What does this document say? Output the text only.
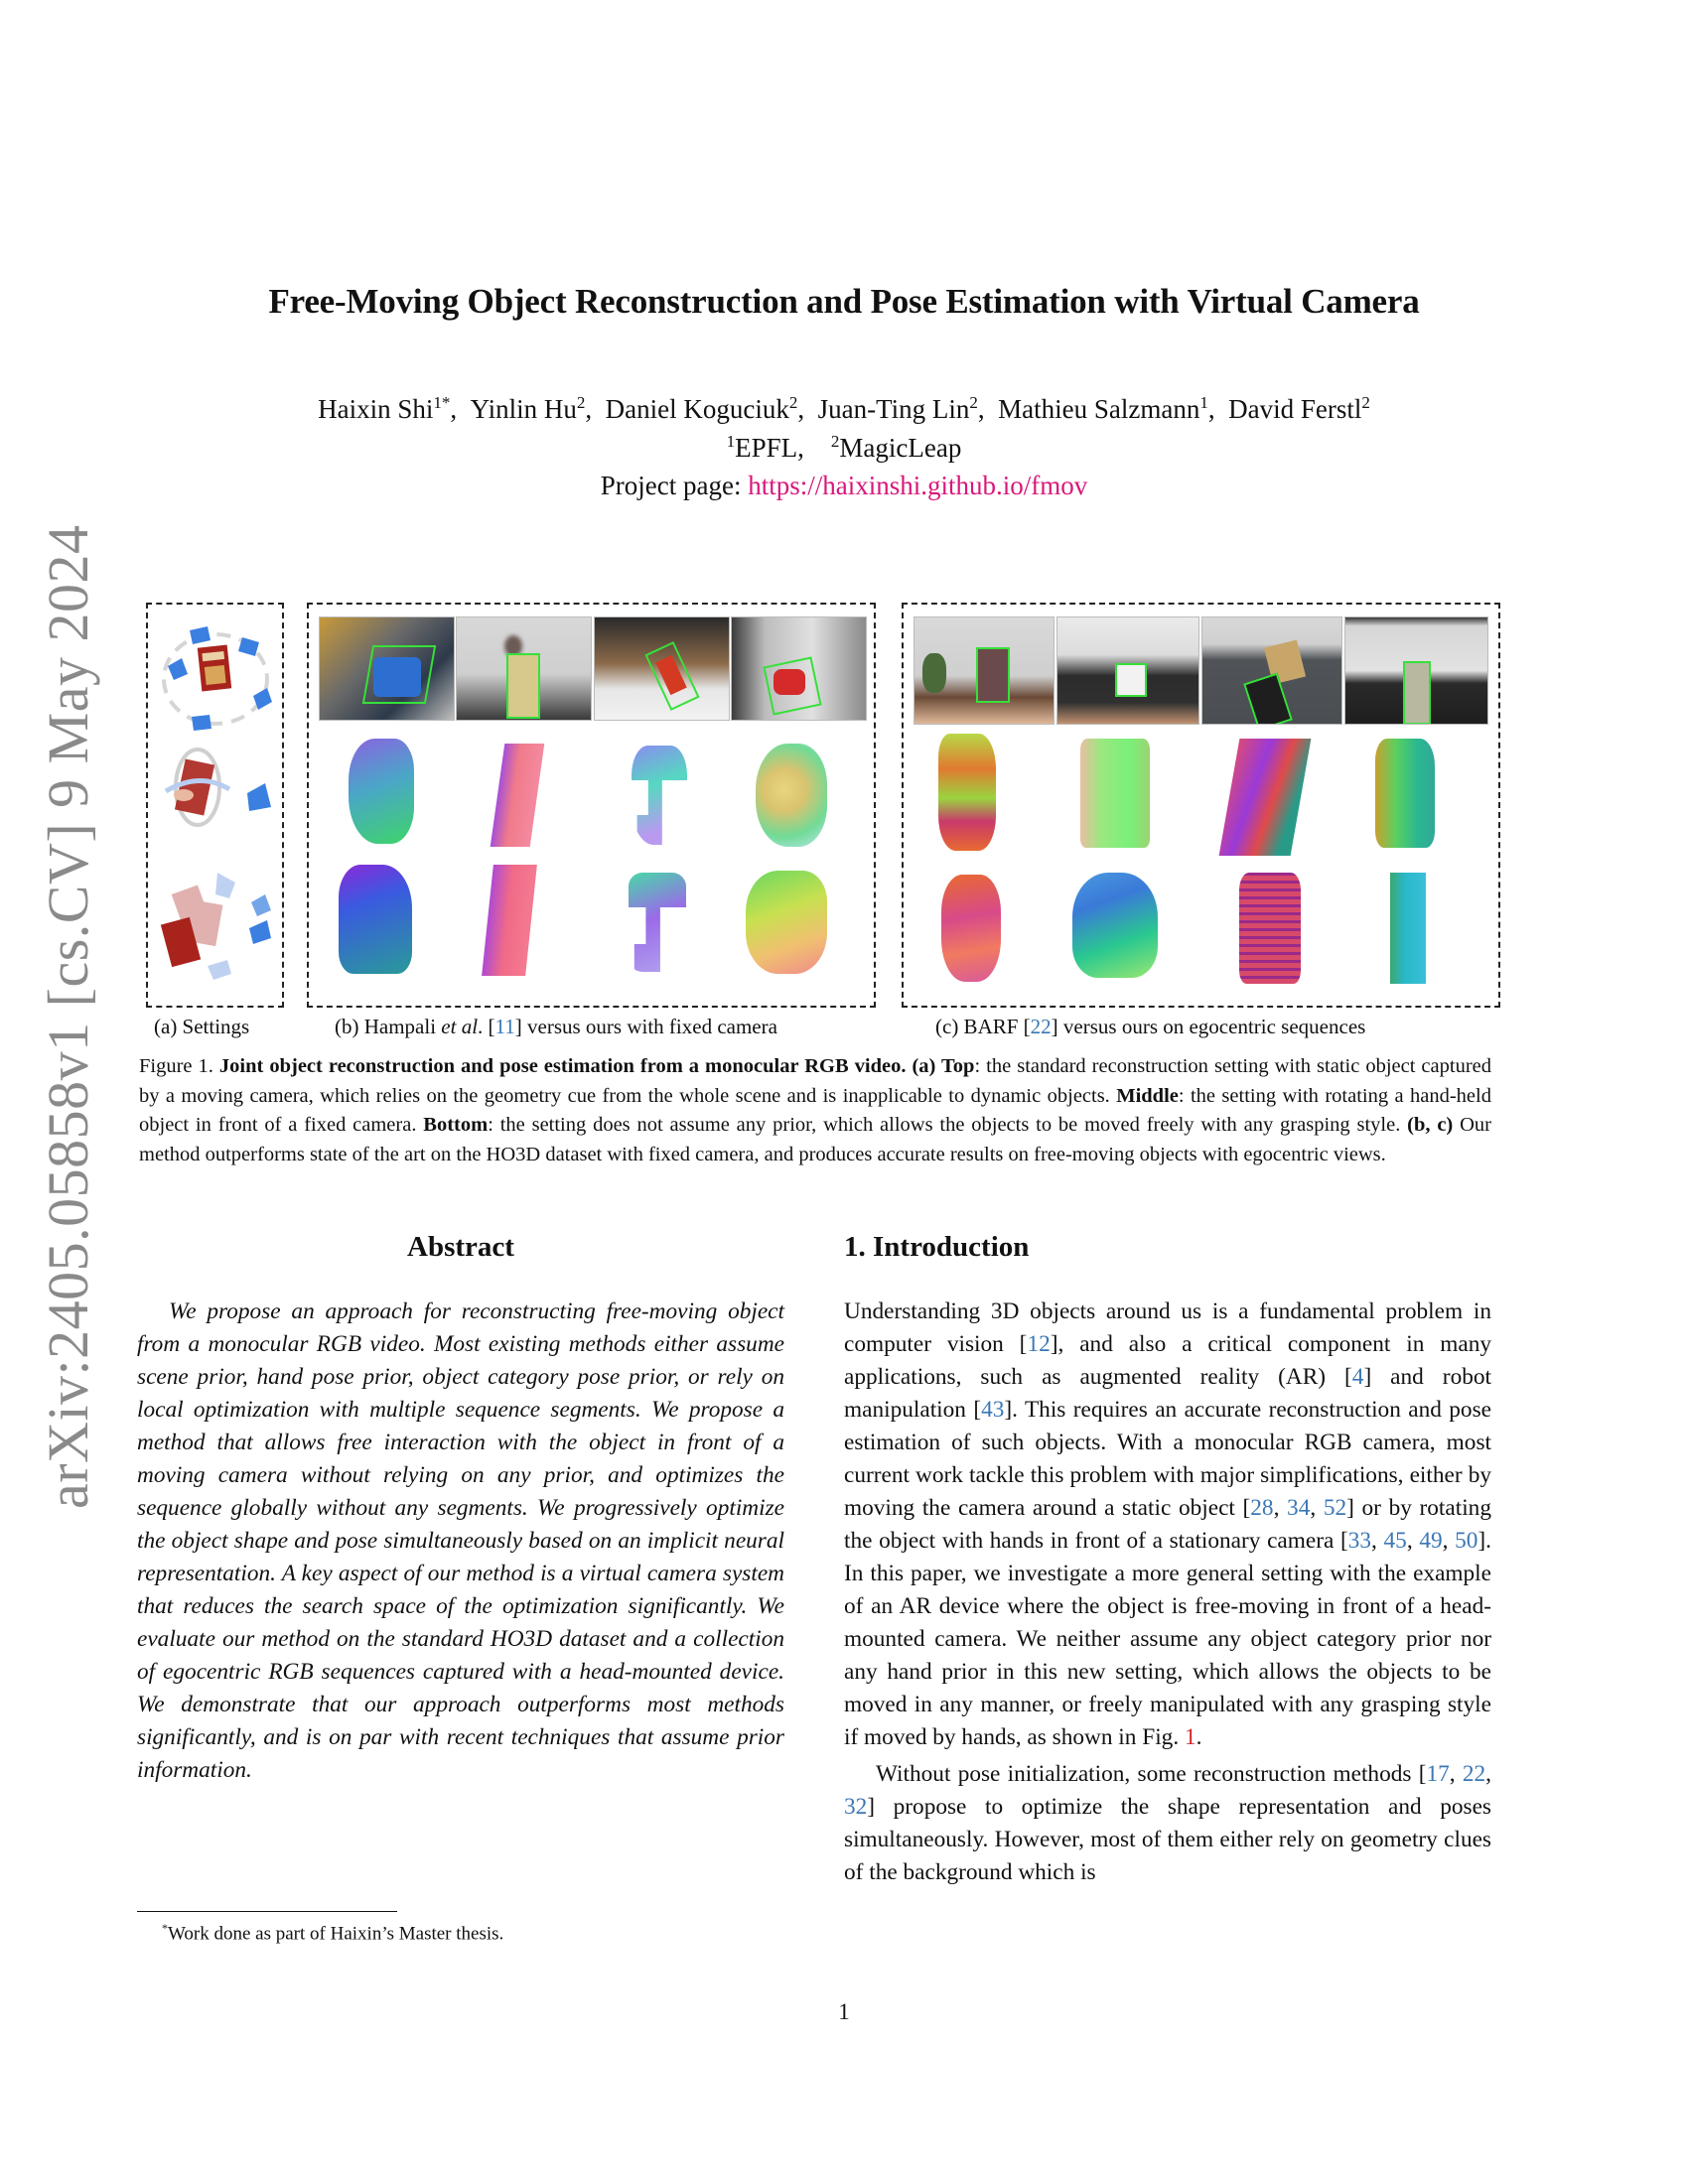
arXiv:2405.05858v1 [cs.CV] 9 May 2024
Free-Moving Object Reconstruction and Pose Estimation with Virtual Camera
Haixin Shi$^{1*}$,  Yinlin Hu$^2$,  Daniel Koguciuk$^2$,  Juan-Ting Lin$^2$,  Mathieu Salzmann$^1$,  David Ferstl$^2$
$^1$EPFL, $^2$MagicLeap
Project page: https://haixinshi.github.io/fmov
(a) Settings	(b) Hampali et al. [11] versus ours with fixed camera	(c) BARF [22] versus ours on egocentric sequences
Figure 1. Joint object reconstruction and pose estimation from a monocular RGB video. (a) Top: the standard reconstruction setting with static object captured by a moving camera, which relies on the geometry cue from the whole scene and is inapplicable to dynamic objects. Middle: the setting with rotating a hand-held object in front of a fixed camera. Bottom: the setting does not assume any prior, which allows the objects to be moved freely with any grasping style. (b, c) Our method outperforms state of the art on the HO3D dataset with fixed camera, and produces accurate results on free-moving objects with egocentric views.
Abstract

We propose an approach for reconstructing free-moving object from a monocular RGB video. Most existing methods either assume scene prior, hand pose prior, object category pose prior, or rely on local optimization with multiple sequence segments. We propose a method that allows free interaction with the object in front of a moving camera without relying on any prior, and optimizes the sequence globally without any segments. We progressively optimize the object shape and pose simultaneously based on an implicit neural representation. A key aspect of our method is a virtual camera system that reduces the search space of the optimization significantly. We evaluate our method on the standard HO3D dataset and a collection of egocentric RGB sequences captured with a head-mounted device. We demonstrate that our approach outperforms most methods significantly, and is on par with recent techniques that assume prior information.

1. Introduction

Understanding 3D objects around us is a fundamental problem in computer vision [12], and also a critical component in many applications, such as augmented reality (AR) [4] and robot manipulation [43]. This requires an accurate reconstruction and pose estimation of such objects. With a monocular RGB camera, most current work tackle this problem with major simplifications, either by moving the camera around a static object [28, 34, 52] or by rotating the object with hands in front of a stationary camera [33, 45, 49, 50]. In this paper, we investigate a more general setting with the example of an AR device where the object is free-moving in front of a head-mounted camera. We neither assume any object category prior nor any hand prior in this new setting, which allows the objects to be moved in any manner, or freely manipulated with any grasping style if moved by hands, as shown in Fig. 1.

Without pose initialization, some reconstruction methods [17, 22, 32] propose to optimize the shape representation and poses simultaneously. However, most of them either rely on geometry clues of the background which is

*Work done as part of Haixin’s Master thesis.
1
